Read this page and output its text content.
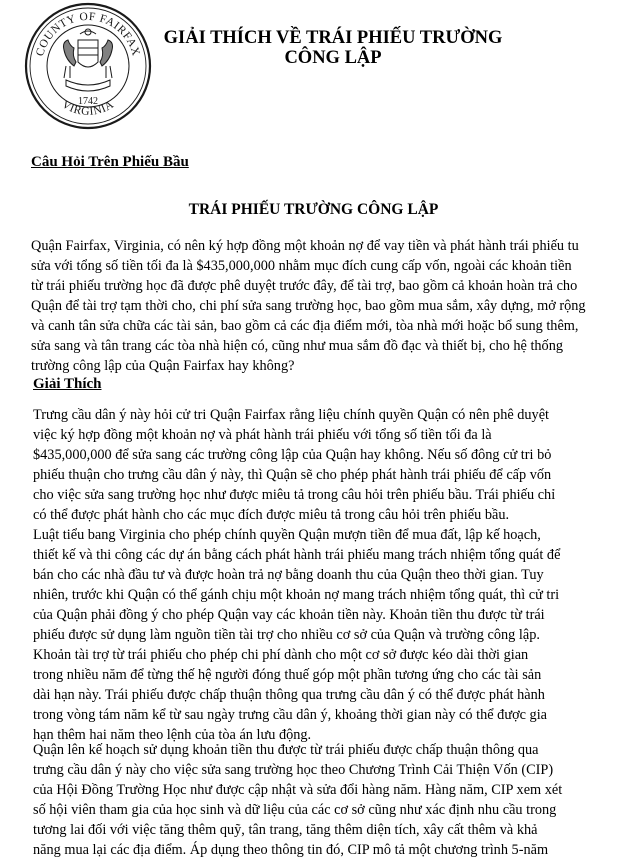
COUNTY OF FAIRFAX
VIRGINIA
1742
GIẢI THÍCH VỀ TRÁI PHIẾU TRƯỜNG
CÔNG LẬP
Câu Hỏi Trên Phiếu Bầu
TRÁI PHIẾU TRƯỜNG CÔNG LẬP

Quận Fairfax, Virginia, có nên ký hợp đồng một khoản nợ để vay tiền và phát hành trái phiếu tu
sửa với tổng số tiền tối đa là $435,000,000 nhằm mục đích cung cấp vốn, ngoài các khoản tiền
từ trái phiếu trường học đã được phê duyệt trước đây, để tài trợ, bao gồm cả khoản hoàn trả cho
Quận để tài trợ tạm thời cho, chi phí sửa sang trường học, bao gồm mua sắm, xây dựng, mở rộng
và canh tân sửa chữa các tài sản, bao gồm cả các địa điểm mới, tòa nhà mới hoặc bổ sung thêm,
sửa sang và tân trang các tòa nhà hiện có, cũng như mua sắm đồ đạc và thiết bị, cho hệ thống
trường công lập của Quận Fairfax hay không?

Giải Thích

Trưng cầu dân ý này hỏi cử tri Quận Fairfax rằng liệu chính quyền Quận có nên phê duyệt
việc ký hợp đồng một khoản nợ và phát hành trái phiếu với tổng số tiền tối đa là
$435,000,000 để sửa sang các trường công lập của Quận hay không. Nếu số đông cử tri bỏ
phiếu thuận cho trưng cầu dân ý này, thì Quận sẽ cho phép phát hành trái phiếu để cấp vốn
cho việc sửa sang trường học như được miêu tả trong câu hỏi trên phiếu bầu. Trái phiếu chỉ
có thể được phát hành cho các mục đích được miêu tả trong câu hỏi trên phiếu bầu.

Luật tiểu bang Virginia cho phép chính quyền Quận mượn tiền để mua đất, lập kế hoạch,
thiết kế và thi công các dự án bằng cách phát hành trái phiếu mang trách nhiệm tổng quát để
bán cho các nhà đầu tư và được hoàn trả nợ bằng doanh thu của Quận theo thời gian. Tuy
nhiên, trước khi Quận có thể gánh chịu một khoản nợ mang trách nhiệm tổng quát, thì cử tri
của Quận phải đồng ý cho phép Quận vay các khoản tiền này. Khoản tiền thu được từ trái
phiếu được sử dụng làm nguồn tiền tài trợ cho nhiều cơ sở của Quận và trường công lập.
Khoản tài trợ từ trái phiếu cho phép chi phí dành cho một cơ sở được kéo dài thời gian
trong nhiều năm để từng thế hệ người đóng thuế góp một phần tương ứng cho các tài sản
dài hạn này. Trái phiếu được chấp thuận thông qua trưng cầu dân ý có thể được phát hành
trong vòng tám năm kể từ sau ngày trưng cầu dân ý, khoảng thời gian này có thể được gia
hạn thêm hai năm theo lệnh của tòa án lưu động.

Quận lên kế hoạch sử dụng khoản tiền thu được từ trái phiếu được chấp thuận thông qua
trưng cầu dân ý này cho việc sửa sang trường học theo Chương Trình Cải Thiện Vốn (CIP)
của Hội Đồng Trường Học như được cập nhật và sửa đổi hàng năm. Hàng năm, CIP xem xét
số hội viên tham gia của học sinh và dữ liệu của các cơ sở cũng như xác định nhu cầu trong
tương lai đối với việc tăng thêm quỹ, tân trang, tăng thêm diện tích, xây cất thêm và khả
năng mua lại các địa điểm. Áp dụng theo thông tin đó, CIP mô tả một chương trình 5-năm
